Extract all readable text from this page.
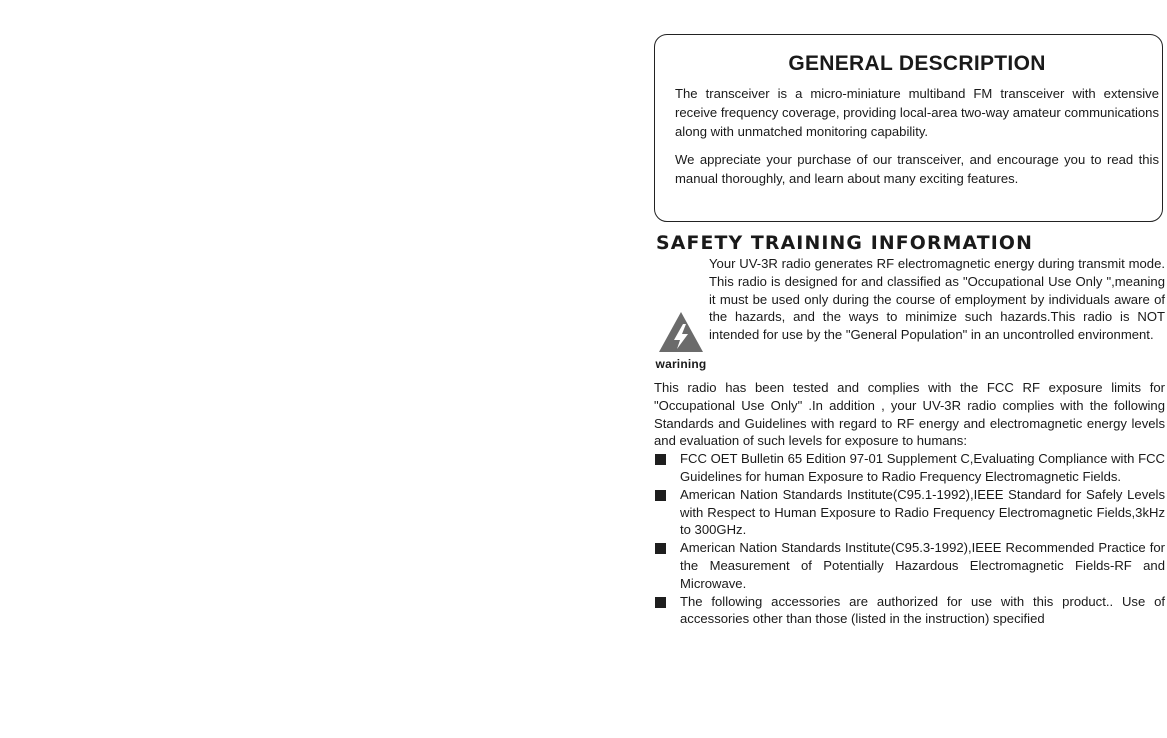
GENERAL DESCRIPTION

The transceiver is a micro-miniature multiband FM transceiver with extensive receive frequency coverage, providing local-area two-way amateur communications along with unmatched monitoring capability.

We appreciate your purchase of our transceiver, and encourage you to read this manual thoroughly, and learn about many exciting features.

SAFETY TRAINING INFORMATION
warining

Your UV-3R radio generates RF electromagnetic energy during transmit mode. This radio is designed for and classified as "Occupational Use Only ",meaning it must be used only during the course of employment by individuals aware of the hazards, and the ways to minimize such hazards.This radio is NOT intended for use by the "General Population" in an uncontrolled environment.

This radio has been tested and complies with the FCC RF exposure limits for "Occupational Use Only" .In addition , your UV-3R radio complies with the following Standards and Guidelines with regard to RF energy and electromagnetic energy levels and evaluation of such levels for exposure to humans:

FCC OET Bulletin 65 Edition 97-01 Supplement C,Evaluating Compliance with FCC Guidelines for human Exposure to Radio Frequency Electromagnetic Fields.
American Nation Standards Institute(C95.1-1992),IEEE Standard for Safely Levels with Respect to Human Exposure to Radio Frequency Electromagnetic Fields,3kHz to 300GHz.
American Nation Standards Institute(C95.3-1992),IEEE Recommended Practice for the Measurement of Potentially Hazardous Electromagnetic Fields-RF and Microwave.
The following accessories are authorized for use with this product.. Use of accessories other than those (listed in the instruction) specified
